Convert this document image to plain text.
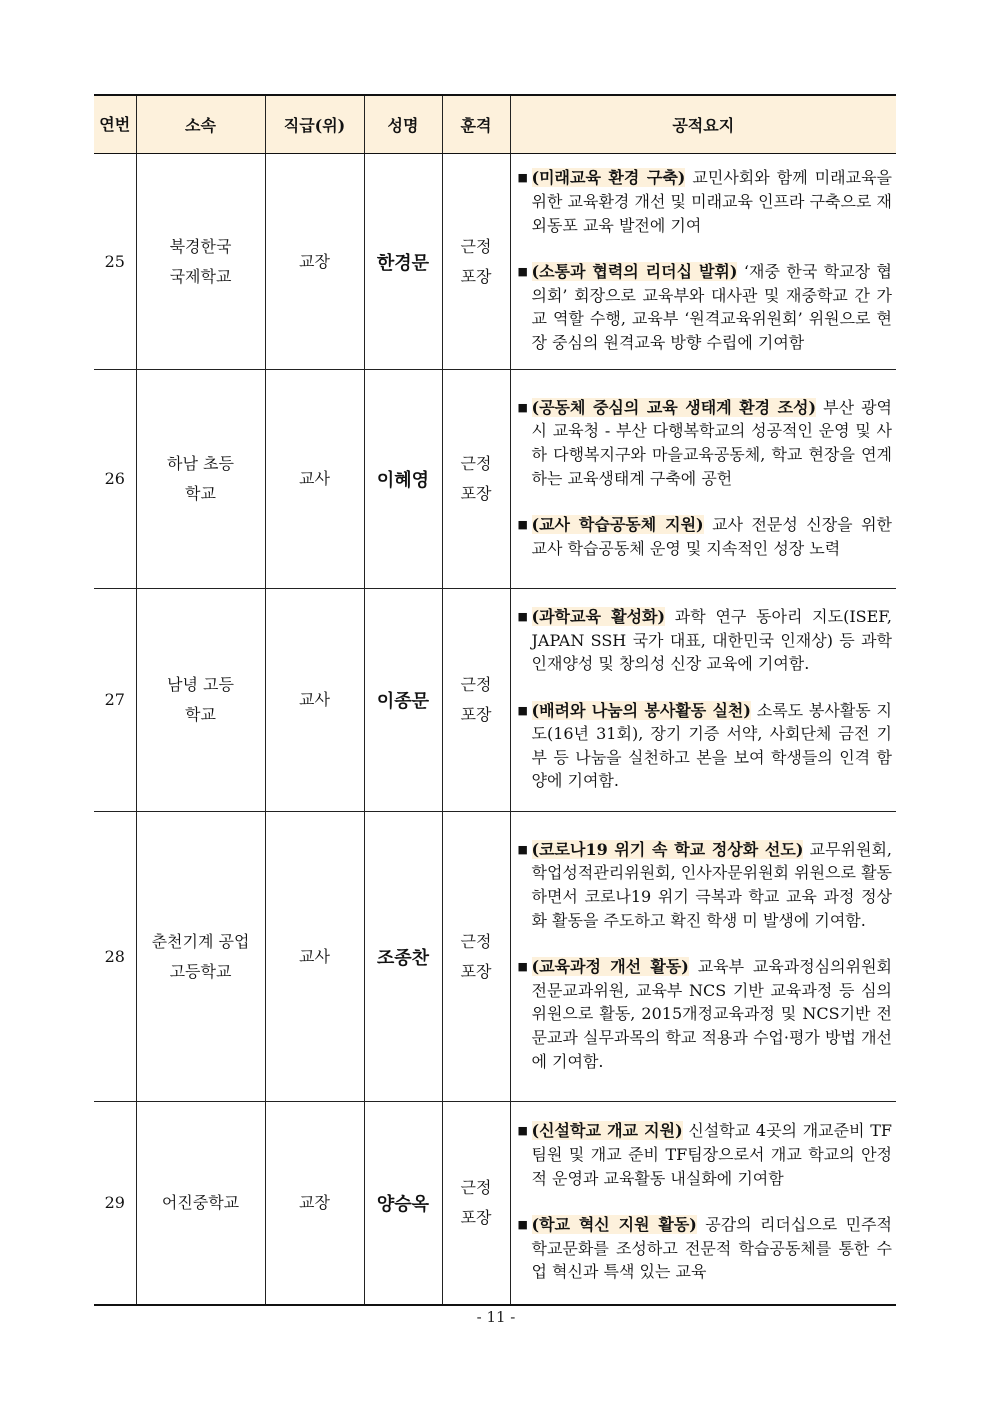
연번	소속	직급(위)	성명	훈격	공적요지
25	북경한국 국제학교	교장	한경문	근정 포장	■ (미래교육 환경 구축) 교민사회와 함께 미래교육을 위한 교육환경 개선 및 미래교육 인프라 구축으로 재외동포 교육 발전에 기여
■ (소통과 협력의 리더십 발휘) ‘재중 한국 학교장 협의회’ 회장으로 교육부와 대사관 및 재중학교 간 가교 역할 수행, 교육부 ‘원격교육위원회’ 위원으로 현장 중심의 원격교육 방향 수립에 기여함

26	하남 초등학교	교사	이혜영	근정 포장	■ (공동체 중심의 교육 생태계 환경 조성) 부산 광역시 교육청 - 부산 다행복학교의 성공적인 운영 및 사하 다행복지구와 마을교육공동체, 학교 현장을 연계하는 교육생태계 구축에 공헌
■ (교사 학습공동체 지원) 교사 전문성 신장을 위한 교사 학습공동체 운영 및 지속적인 성장 노력

27	남녕 고등학교	교사	이종문	근정 포장	■ (과학교육 활성화) 과학 연구 동아리 지도(ISEF, JAPAN SSH 국가 대표, 대한민국 인재상) 등 과학 인재양성 및 창의성 신장 교육에 기여함.
■ (배려와 나눔의 봉사활동 실천) 소록도 봉사활동 지도(16년 31회), 장기 기증 서약, 사회단체 금전 기부 등 나눔을 실천하고 본을 보여 학생들의 인격 함양에 기여함.

28	춘천기계 공업고등학교	교사	조종찬	근정 포장	■ (코로나19 위기 속 학교 정상화 선도) 교무위원회, 학업성적관리위원회, 인사자문위원회 위원으로 활동하면서 코로나19 위기 극복과 학교 교육 과정 정상화 활동을 주도하고 확진 학생 미 발생에 기여함.
■ (교육과정 개선 활동) 교육부 교육과정심의위원회 전문교과위원, 교육부 NCS 기반 교육과정 등 심의위원으로 활동, 2015개정교육과정 및 NCS기반 전문교과 실무과목의 학교 적용과 수업·평가 방법 개선에 기여함.

29	어진중학교	교장	양승옥	근정 포장	■ (신설학교 개교 지원) 신설학교 4곳의 개교준비 TF팀원 및 개교 준비 TF팀장으로서 개교 학교의 안정적 운영과 교육활동 내실화에 기여함
■ (학교 혁신 지원 활동) 공감의 리더십으로 민주적 학교문화를 조성하고 전문적 학습공동체를 통한 수업 혁신과 특색 있는 교육
- 11 -
